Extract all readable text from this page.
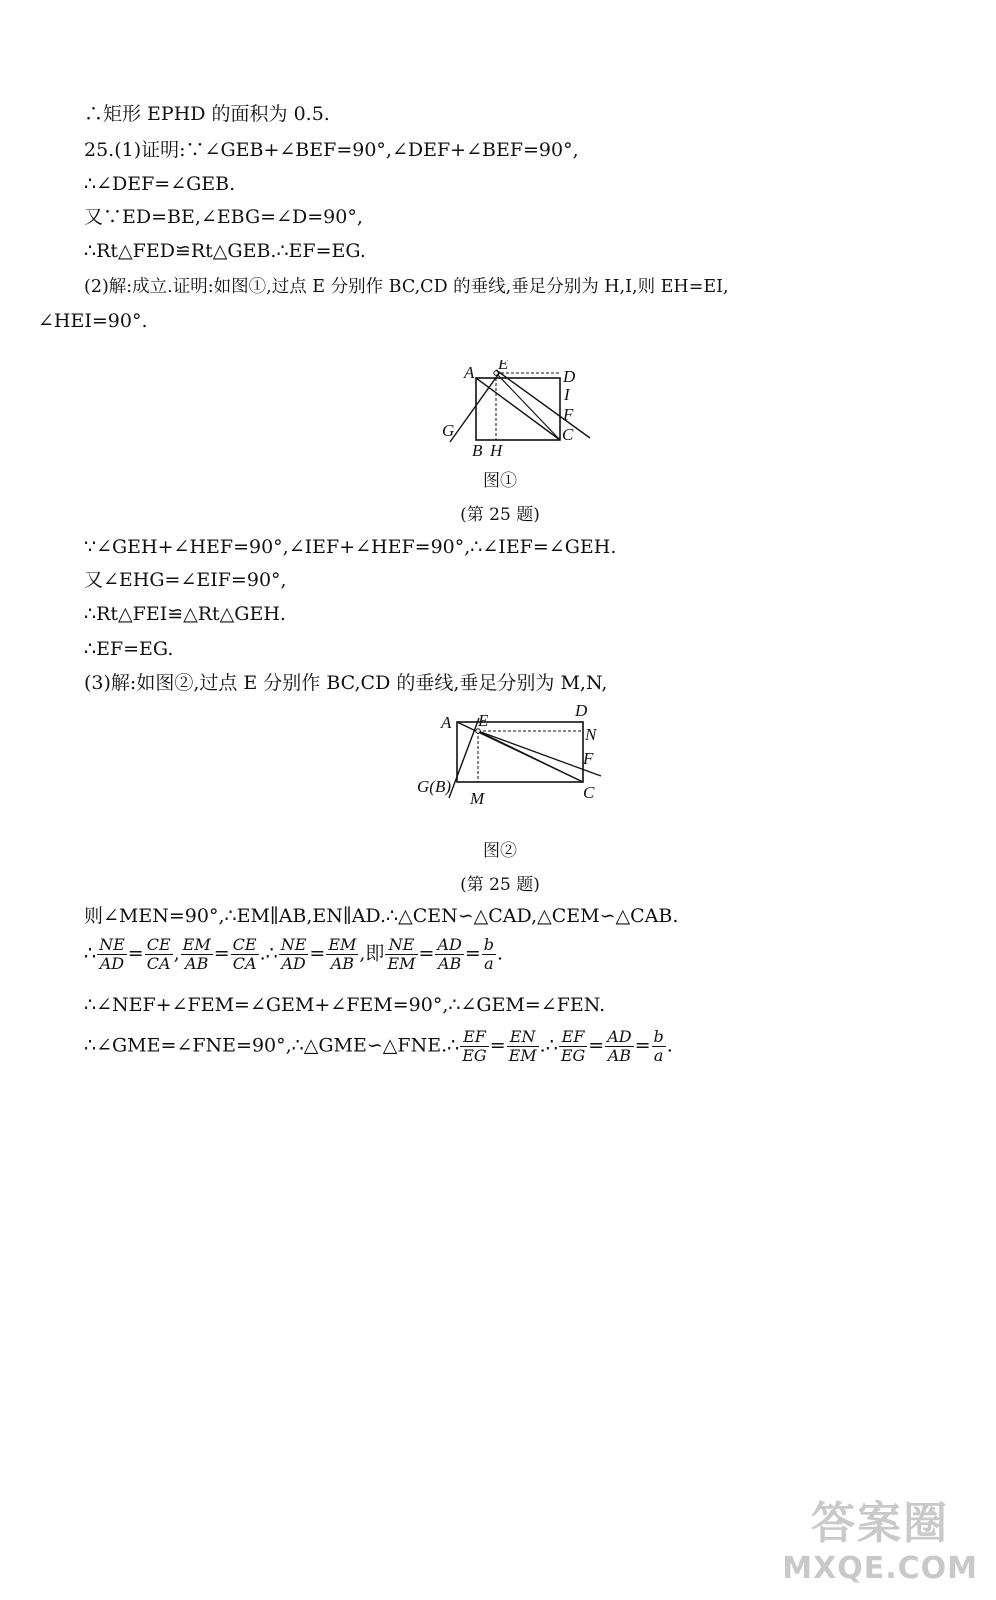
∴矩形 EPHD 的面积为 0.5.
25.(1)证明:∵∠GEB+∠BEF=90°,∠DEF+∠BEF=90°,
∴∠DEF=∠GEB.
又∵ED=BE,∠EBG=∠D=90°,
∴Rt△FED≌Rt△GEB.∴EF=EG.
(2)解:成立.证明:如图①,过点 E 分别作 BC,CD 的垂线,垂足分别为 H,I,则 EH=EI,
∠HEI=90°.
A	D
E
I
F
G
B H
C
图①
(第 25 题)
∵∠GEH+∠HEF=90°,∠IEF+∠HEF=90°,∴∠IEF=∠GEH.
又∠EHG=∠EIF=90°,
∴Rt△FEI≌△Rt△GEH.
∴EF=EG.
(3)解:如图②,过点 E 分别作 BC,CD 的垂线,垂足分别为 M,N,
A E
D
N
F
G(B)
M	C
图②
(第 25 题)
则∠MEN=90°,∴EM∥AB,EN∥AD.∴△CEN∽△CAD,△CEM∽△CAB.
∴ $\frac{NE}{AD} = \frac{CE}{CA}$ , $\frac{EM}{AB} = \frac{CE}{CA}$ .∴ $\frac{NE}{AD} = \frac{EM}{AB}$ ,即 $\frac{NE}{EM} = \frac{AD}{AB} = \frac{b}{a}$ .
∴∠NEF+∠FEM=∠GEM+∠FEM=90°,∴∠GEM=∠FEN.
∴∠GME=∠FNE=90°,∴△GME∽△FNE.∴ $\frac{EF}{EG} = \frac{EN}{EM}$ .∴ $\frac{EF}{EG} = \frac{AD}{AB} = \frac{b}{a}$ .
答案圈
MXQE.COM
